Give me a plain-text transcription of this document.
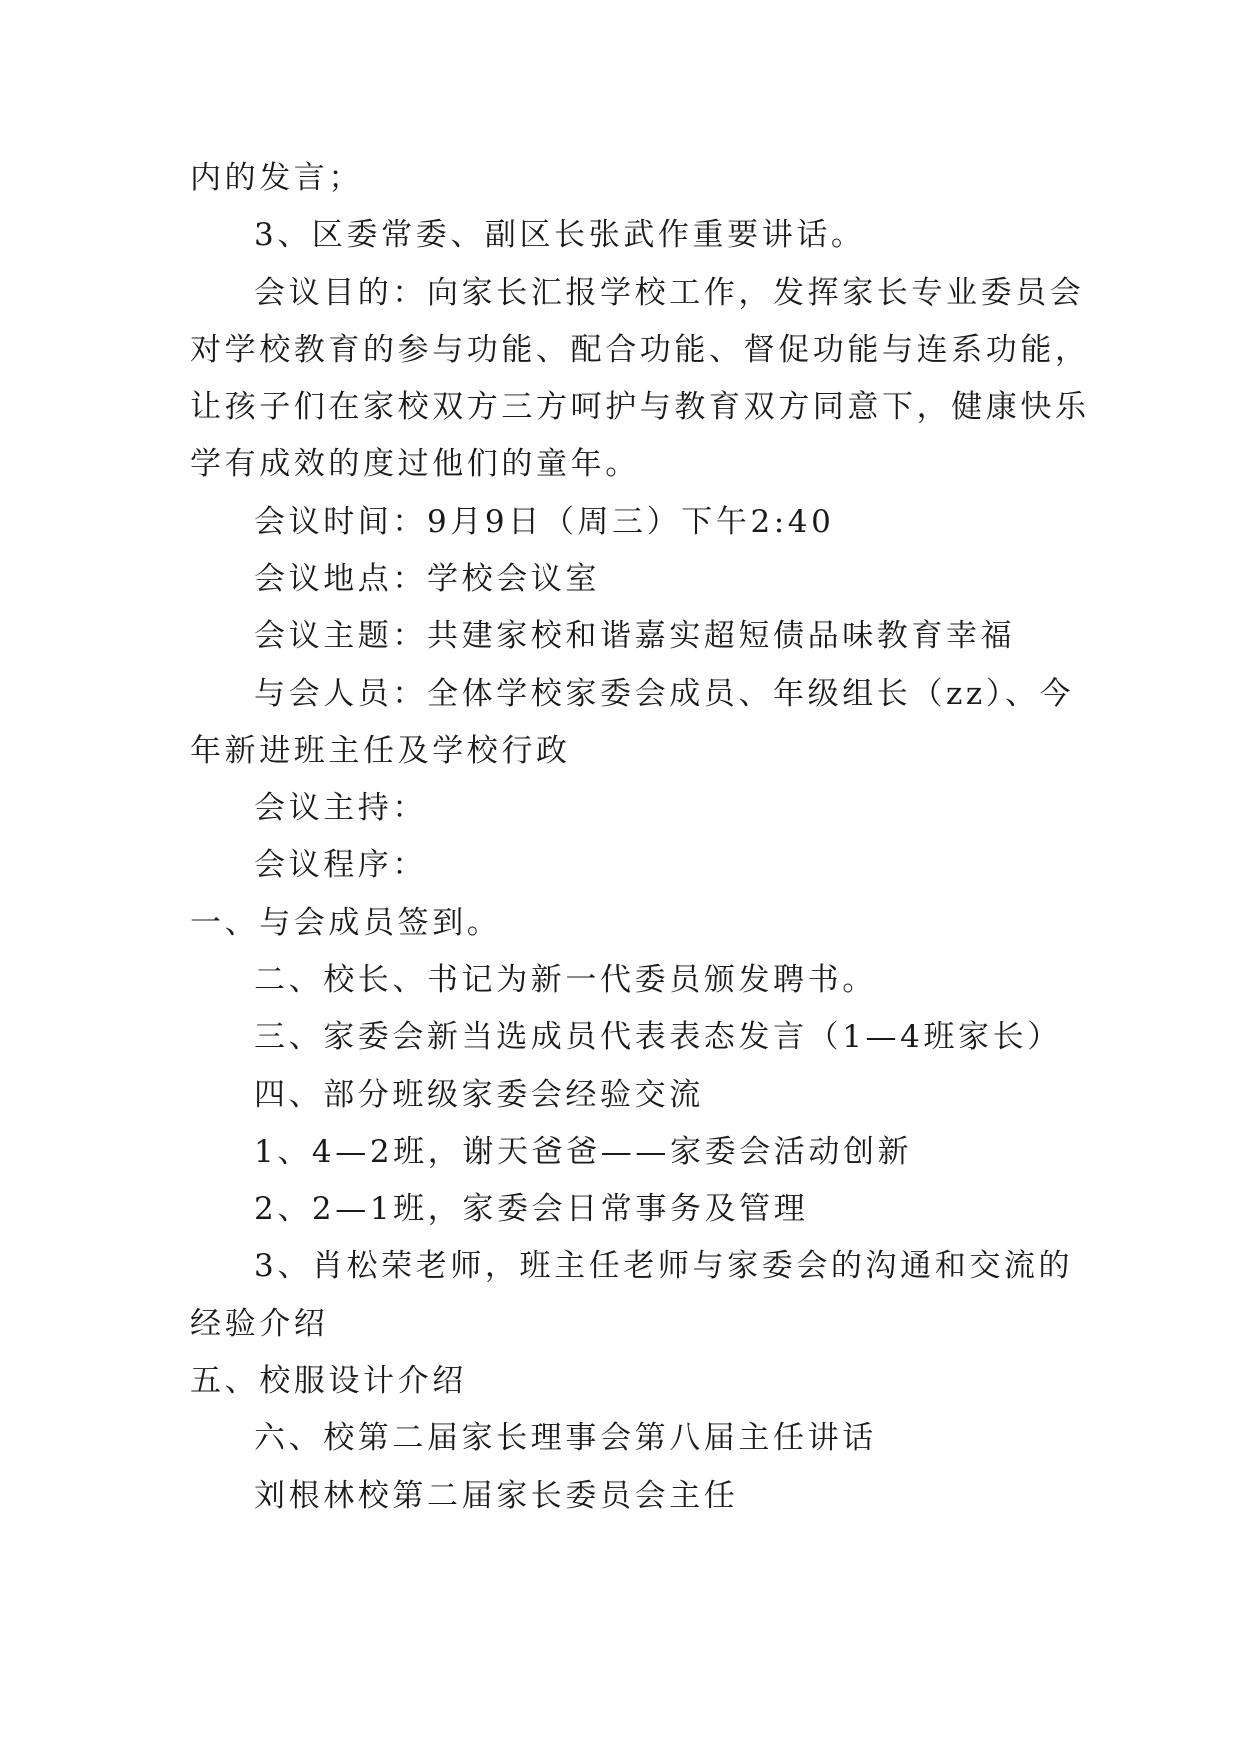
内的发言；
3、区委常委、副区长张武作重要讲话。
会议目的：向家长汇报学校工作，发挥家长专业委员会
对学校教育的参与功能、配合功能、督促功能与连系功能，
让孩子们在家校双方三方呵护与教育双方同意下，健康快乐
学有成效的度过他们的童年。
会议时间：9月9日（周三）下午2:40
会议地点：学校会议室
会议主题：共建家校和谐嘉实超短债品味教育幸福
与会人员：全体学校家委会成员、年级组长（zz）、今
年新进班主任及学校行政
会议主持：
会议程序：
一、与会成员签到。
二、校长、书记为新一代委员颁发聘书。
三、家委会新当选成员代表表态发言（1—4班家长）
四、部分班级家委会经验交流
1、4—2班，谢天爸爸——家委会活动创新
2、2—1班，家委会日常事务及管理
3、肖松荣老师，班主任老师与家委会的沟通和交流的
经验介绍
五、校服设计介绍
六、校第二届家长理事会第八届主任讲话
刘根林校第二届家长委员会主任
